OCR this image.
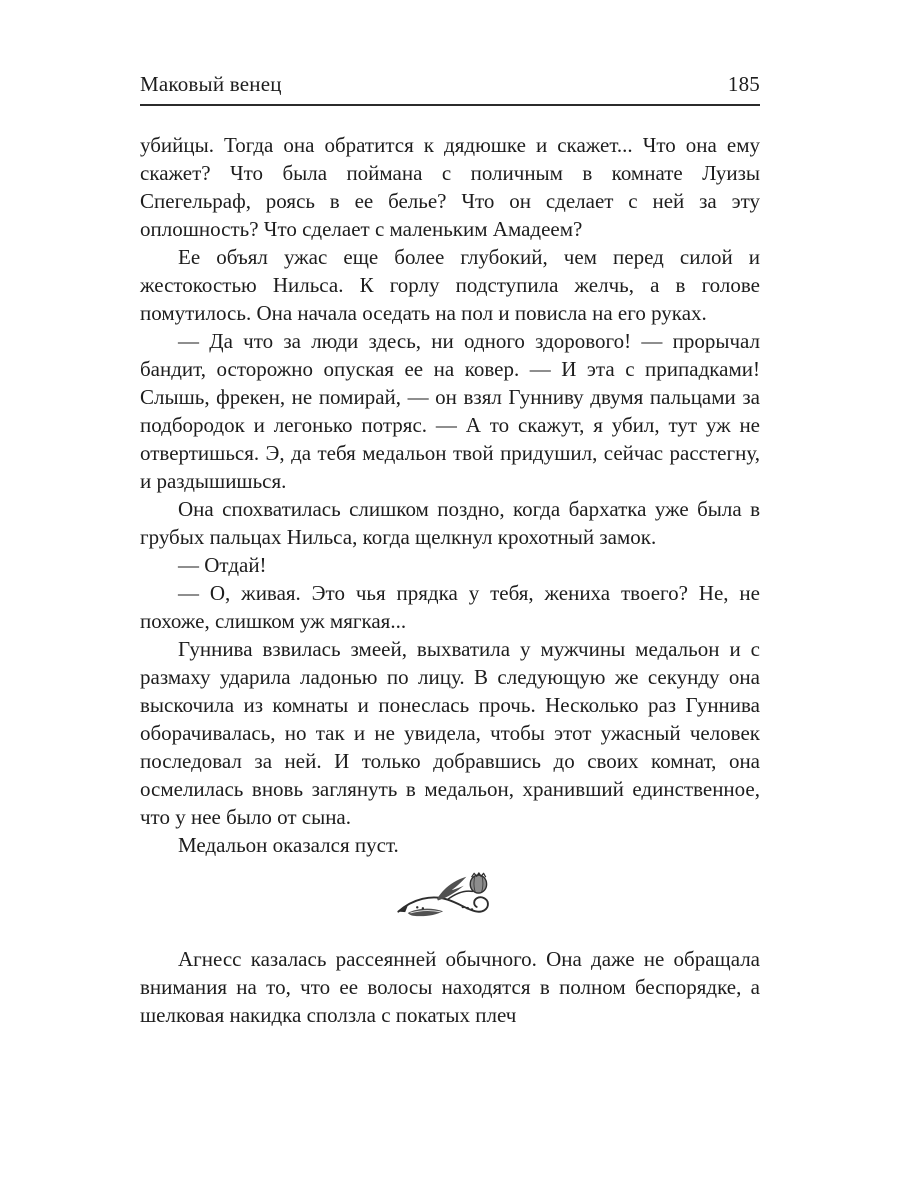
Маковый венец	185

убийцы. Тогда она обратится к дядюшке и скажет... Что она ему скажет? Что была поймана с поличным в комнате Луизы Спегельраф, роясь в ее белье? Что он сделает с ней за эту оплошность? Что сделает с маленьким Амадеем?

Ее объял ужас еще более глубокий, чем перед силой и жестокостью Нильса. К горлу подступила желчь, а в голове помутилось. Она начала оседать на пол и повисла на его руках.

— Да что за люди здесь, ни одного здорового! — прорычал бандит, осторожно опуская ее на ковер. — И эта с припадками! Слышь, фрекен, не помирай, — он взял Гунниву двумя пальцами за подбородок и легонько потряс. — А то скажут, я убил, тут уж не отвертишься. Э, да тебя медальон твой придушил, сейчас расстегну, и раздышишься.

Она спохватилась слишком поздно, когда бархатка уже была в грубых пальцах Нильса, когда щелкнул крохотный замок.

— Отдай!

— О, живая. Это чья прядка у тебя, жениха твоего? Не, не похоже, слишком уж мягкая...

Гуннива взвилась змеей, выхватила у мужчины медальон и с размаху ударила ладонью по лицу. В следующую же секунду она выскочила из комнаты и понеслась прочь. Несколько раз Гуннива оборачивалась, но так и не увидела, чтобы этот ужасный человек последовал за ней. И только добравшись до своих комнат, она осмелилась вновь заглянуть в медальон, хранивший единственное, что у нее было от сына.

Медальон оказался пуст.

Агнесс казалась рассеянней обычного. Она даже не обращала внимания на то, что ее волосы находятся в полном беспорядке, а шелковая накидка сползла с покатых плеч
